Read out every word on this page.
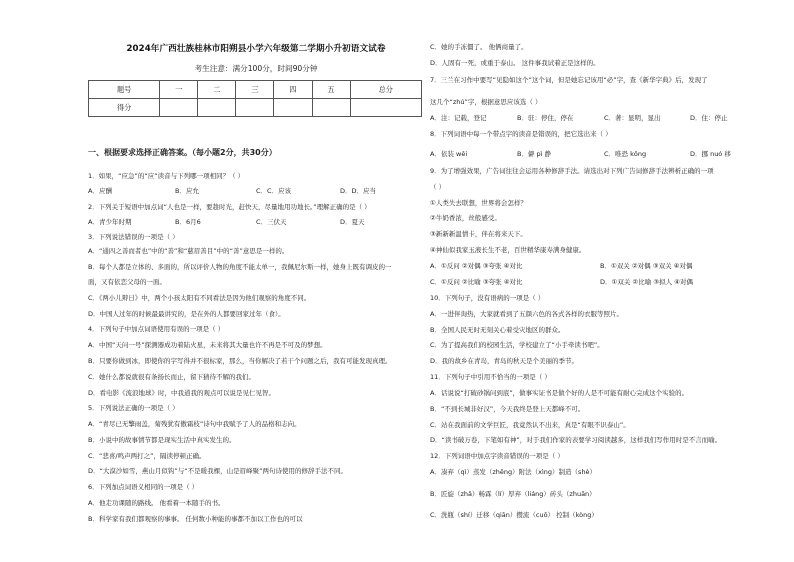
2024年广西壮族桂林市阳朔县小学六年级第二学期小升初语文试卷
考生注意：满分100分，时间90分钟
题号	一	二	三	四	五	总分
得分						
一、根据要求选择正确答案。（每小题2分，共30分）
A．应酬	B．应允	C．C．应该	D．D．应当
A．青少年时期	B．6月6	C．三伏天	D．夏天
A．注：记载，登记	B．驻：停住，停在	C．著：显明，显出	D．住：停止
A．依装 wěi	B．僻 pì 静	C．唯恐 kǒng	D．挪 nuó 移
A．①反问 ②对偶 ③夸张 ④对比	B．①双关 ②对偶 ③双关 ④对偶
C．①反问 ②比喻 ③夸张 ④对比	D．①双关 ②比喻 ③拟人 ④对偶
1．如果，“应急”的“应”读音与下列哪一项相同？（ ）
2．下列关于短语中加点词“人也是一样，要趁时光，赶快天，尽量地用功地长。”理解正确的是（ ）
3．下列说法错误的一项是（ ）
A．“通四之善而者也”中的“善”和“慈眉善目”中的“善”意思是一样的。
B．每个人都是立体的、多面的，所以评价人物的角度不能太单一，我佩尼尔斯一样，她身上既有调皮的一
面，又有依恋父母的一面。
C．《两小儿辩日》中，两个小孩太阳有不同看法是因为他们观察的角度不同。
D．中国人过年的时候最最讲究的，是在外的人都要回家过年（食）。
4．下列句子中加点词语使用有误的一项是（ ）
A．中国“天问一号”探测器成功着陆火星，未来将其大量也许不再是不可及的梦想。
B．只要你做到冰，即使你的字写得并不很标家，那么，当你解决了若干个问题之后，我有可能发现真理。
C．她什么都说就很有条扬长而止，留下猜待不解的我们。
D．看电影《流浪地球》时，中我道我的观点可以说是见仁见智。
5．下列说法正确的一项是（ ）
A．“青尽已无擎雨盖，菊残犹有傲霜枝”诗句中我赋予了人的品格和志向。
B．小说中的故事情节都是现实生活中真实发生的。
C．“悲喜/鸣声两打之”，隔读停顿正确。
D．“大漠沙如雪，燕山月似钩”与“不是暖我棵，山是眉峰聚”两句诗使用的修辞手法不同。
6．下列加点词语义相同的一项是（ ）
A．他走功课随的路线。 他看着一本随手的书。
B．科学家有我们都观察的事事。 任何数小种能的事都不加以工作也的可以
C．她的手冻僵了。 他俩商量了。
D．人固有一死，或重于泰山。 这件事我试着正是这样的。
7．三兰在习作中要写“见隐如这个”这个词，但是她忘记该用“必”字，查《新华字典》后，发现了
这几个“zhú”字，根据意思应该选（ ）
8．下列词语中每一个带点字的读音是错误的，把它选出来（ ）
9．为了增强效果，广告词往往会运用各种修辞手法。请选出对下列广告词修辞手法辨析正确的一项
（ ）
①人类失去联想，世界将会怎样？
②牛奶香浓，丝般感受。
③新新新温情卡，伴在将来天下。
④神仙似我家玉液长生不老，百世精华康寿满身健康。
10．下列句子，没有语病的一项是（ ）
A．一进伴询热，大家就看到了五颜六色的各式各样的衣服等照片。
B．全国人民无时无刻关心着受灾地区的群众。
C．为了提高我们的校园生活，学校建立了“小手牵读书吧”。
D．我的故乡在青岛，青岛的秋天是个美丽的季节。
11．下列句子中引用不恰当的一项是（ ）
A．话说说“打破砂锅问到底”，做事实证书是做个好的人是不可能有耐心完成这个实验的。
B．“不到长城非好汉”，今天我终是登上天都峰不可。
C．站在我面前的文学巨匠，我竟然认不出来，真是“有眼不识泰山”。
D．“读书破万卷，下笔如有神”，对于我们作家的表要学习阅读越多，这样我们写作用时是不言而喻。
12．下列词语中加点字读音错误的一项是（ ）
A．凑弃（qì）蒸发（zhēng）附法（xìng）制造（shè）
B．匠旋（zhǎ）畅霖（lí）厚弃（liáng）砖头（zhuān）
C．洗瓶（shí）迁移（qiān）攒流（cuō） 控制（kòng）
